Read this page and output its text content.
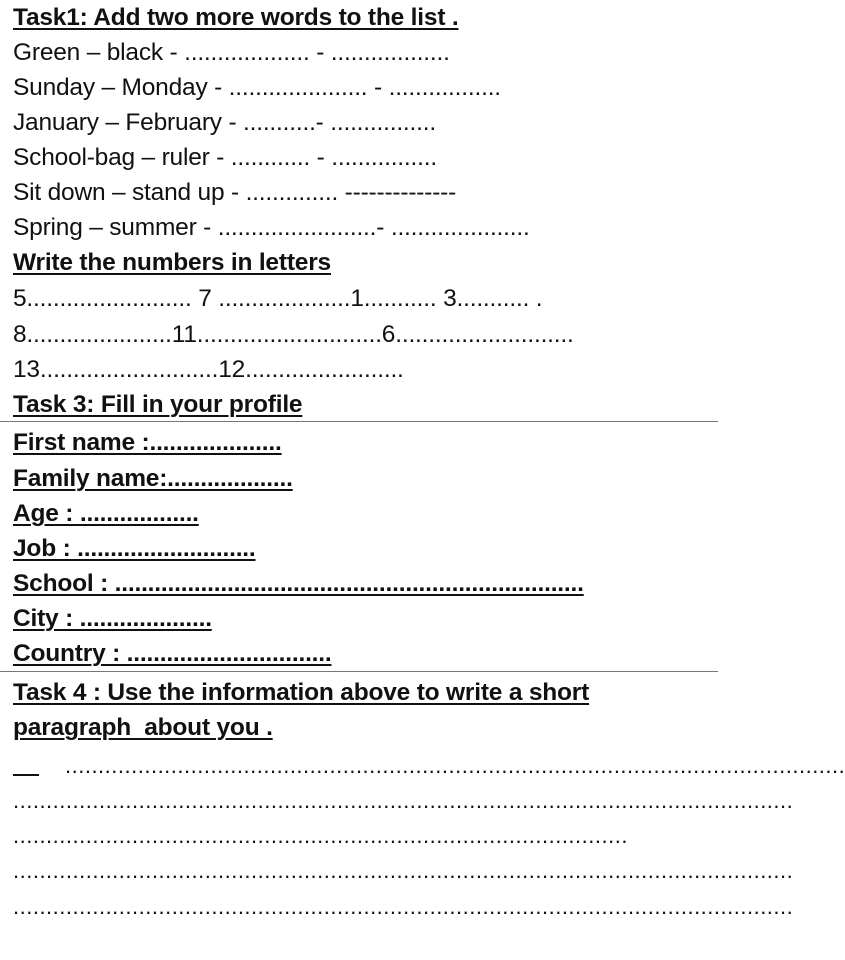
Task1: Add two more words to the list .
Green – black - ................... - ..................
Sunday – Monday - ..................... - .................
January – February - ...........- ................
School-bag – ruler - ............ - ................
Sit down – stand up - .............. --------------
Spring – summer - ........................- .....................
Write the numbers in letters
5......................... 7 ....................1........... 3........... .
8......................11............................6...........................
13...........................12........................
Task 3: Fill in your profile
First name :....................
Family name:...................
Age : ..................
Job : ...........................
School : .......................................................................
City : ....................
Country : ...............................
Task 4 : Use the information above to write a short
paragraph  about you .
......................................................................................................................
......................................................................................................................
.............................................................................................
......................................................................................................................
......................................................................................................................
